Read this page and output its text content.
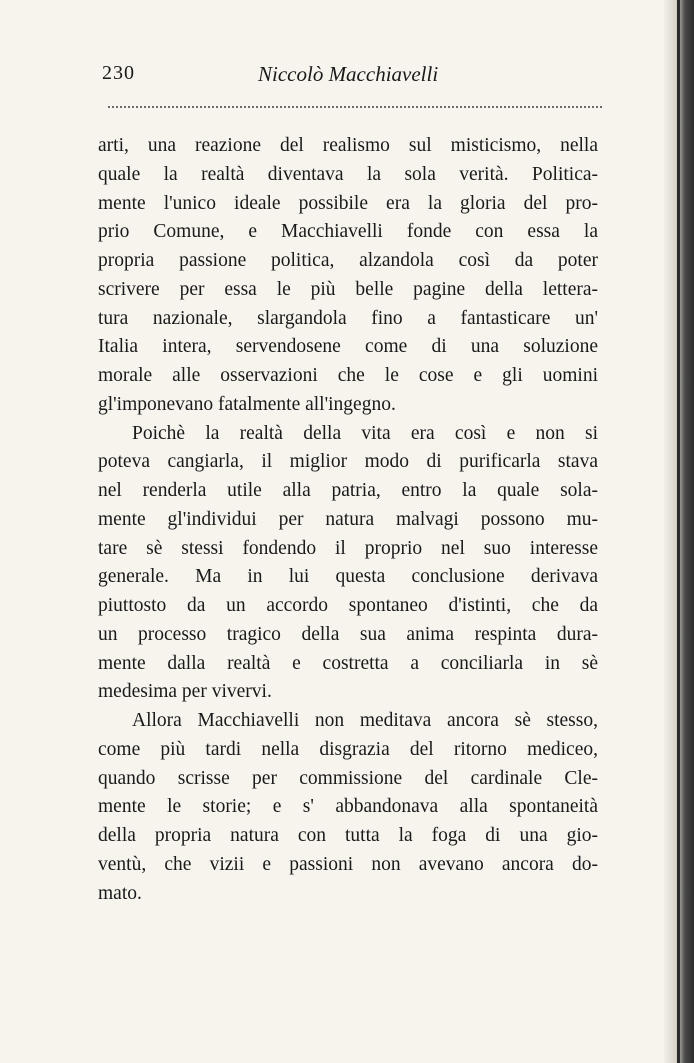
230	Niccolò Macchiavelli
arti, una reazione del realismo sul misticismo, nella
quale la realtà diventava la sola verità. Politica-
mente l'unico ideale possibile era la gloria del pro-
prio Comune, e Macchiavelli fonde con essa la
propria passione politica, alzandola così da poter
scrivere per essa le più belle pagine della lettera-
tura nazionale, slargandola fino a fantasticare un'
Italia intera, servendosene come di una soluzione
morale alle osservazioni che le cose e gli uomini
gl'imponevano fatalmente all'ingegno.
Poichè la realtà della vita era così e non si
poteva cangiarla, il miglior modo di purificarla stava
nel renderla utile alla patria, entro la quale sola-
mente gl'individui per natura malvagi possono mu-
tare sè stessi fondendo il proprio nel suo interesse
generale. Ma in lui questa conclusione derivava
piuttosto da un accordo spontaneo d'istinti, che da
un processo tragico della sua anima respinta dura-
mente dalla realtà e costretta a conciliarla in sè
medesima per vivervi.
Allora Macchiavelli non meditava ancora sè stesso,
come più tardi nella disgrazia del ritorno mediceo,
quando scrisse per commissione del cardinale Cle-
mente le storie; e s' abbandonava alla spontaneità
della propria natura con tutta la foga di una gio-
ventù, che vizii e passioni non avevano ancora do-
mato.
